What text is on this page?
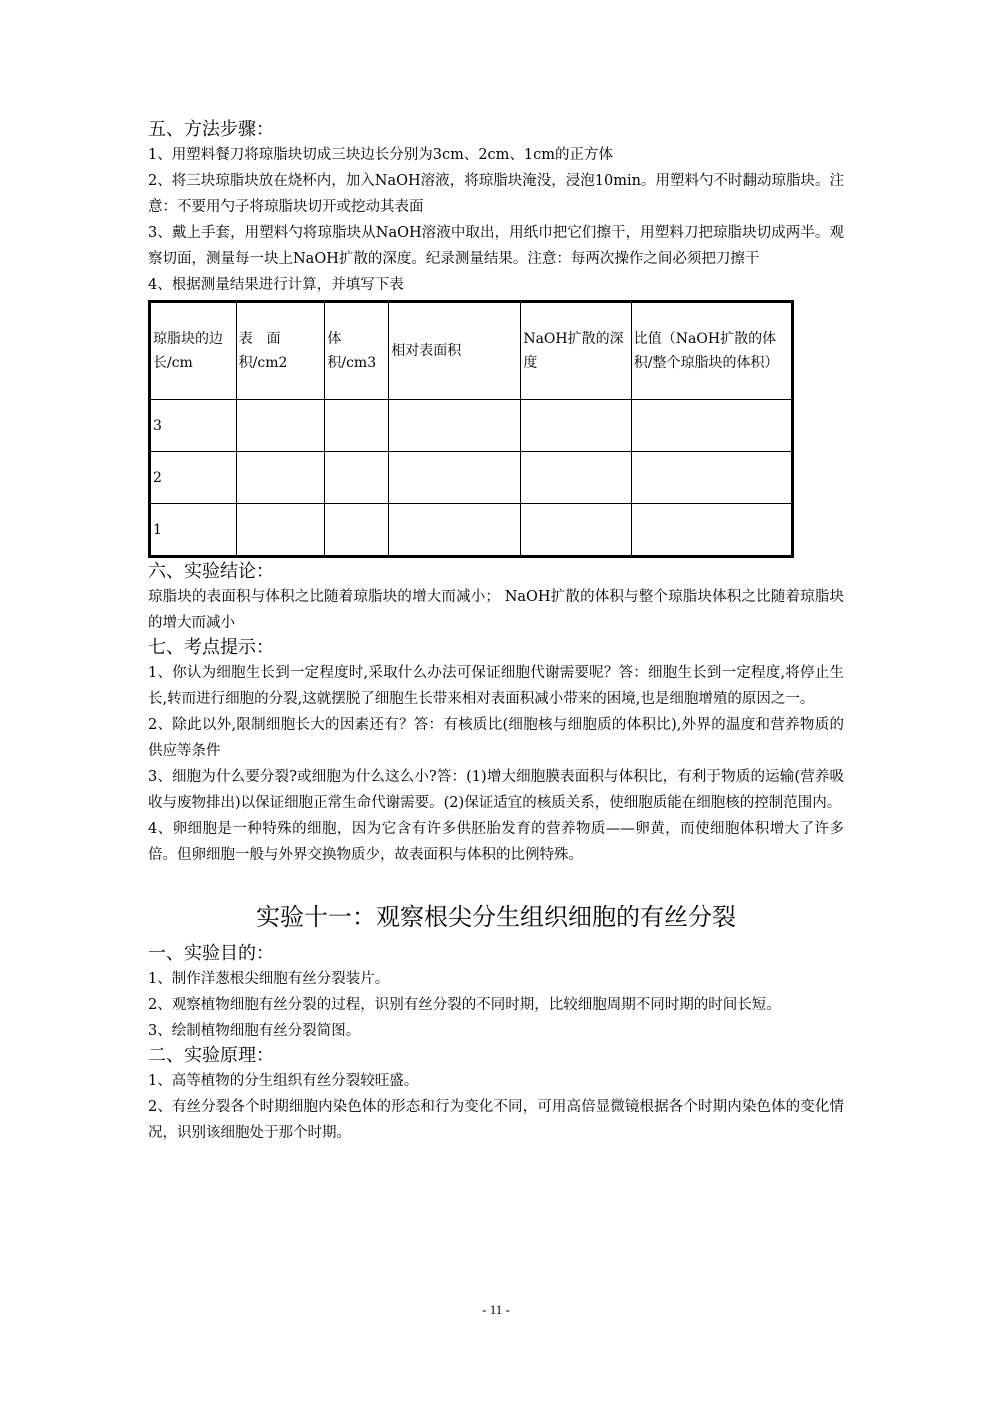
五、方法步骤：

1、用塑料餐刀将琼脂块切成三块边长分别为3cm、2cm、1cm的正方体

2、将三块琼脂块放在烧杯内，加入NaOH溶液，将琼脂块淹没，浸泡10min。用塑料勺不时翻动琼脂块。注意：不要用勺子将琼脂块切开或挖动其表面

3、戴上手套，用塑料勺将琼脂块从NaOH溶液中取出，用纸巾把它们擦干，用塑料刀把琼脂块切成两半。观察切面，测量每一块上NaOH扩散的深度。纪录测量结果。注意：每两次操作之间必须把刀擦干

4、根据测量结果进行计算，并填写下表

琼脂块的边长/cm	表　面　积/cm2	体　　积/cm3	相对表面积	NaOH扩散的深度	比值（NaOH扩散的体积/整个琼脂块的体积）
3					
2					
1					

六、实验结论：

琼脂块的表面积与体积之比随着琼脂块的增大而减小； NaOH扩散的体积与整个琼脂块体积之比随着琼脂块的增大而减小

七、考点提示：

1、你认为细胞生长到一定程度时,采取什么办法可保证细胞代谢需要呢？答：细胞生长到一定程度,将停止生长,转而进行细胞的分裂,这就摆脱了细胞生长带来相对表面积减小带来的困境,也是细胞增殖的原因之一。

2、除此以外,限制细胞长大的因素还有？答：有核质比(细胞核与细胞质的体积比),外界的温度和营养物质的供应等条件

3、细胞为什么要分裂?或细胞为什么这么小?答：(1)增大细胞膜表面积与体积比，有利于物质的运输(营养吸收与废物排出)以保证细胞正常生命代谢需要。(2)保证适宜的核质关系，使细胞质能在细胞核的控制范围内。

4、卵细胞是一种特殊的细胞，因为它含有许多供胚胎发育的营养物质——卵黄，而使细胞体积增大了许多倍。但卵细胞一般与外界交换物质少，故表面积与体积的比例特殊。

实验十一：观察根尖分生组织细胞的有丝分裂

一、实验目的：

1、制作洋葱根尖细胞有丝分裂装片。

2、观察植物细胞有丝分裂的过程，识别有丝分裂的不同时期，比较细胞周期不同时期的时间长短。

3、绘制植物细胞有丝分裂简图。

二、实验原理：

1、高等植物的分生组织有丝分裂较旺盛。

2、有丝分裂各个时期细胞内染色体的形态和行为变化不同，可用高倍显微镜根据各个时期内染色体的变化情况，识别该细胞处于那个时期。

- 11 -
